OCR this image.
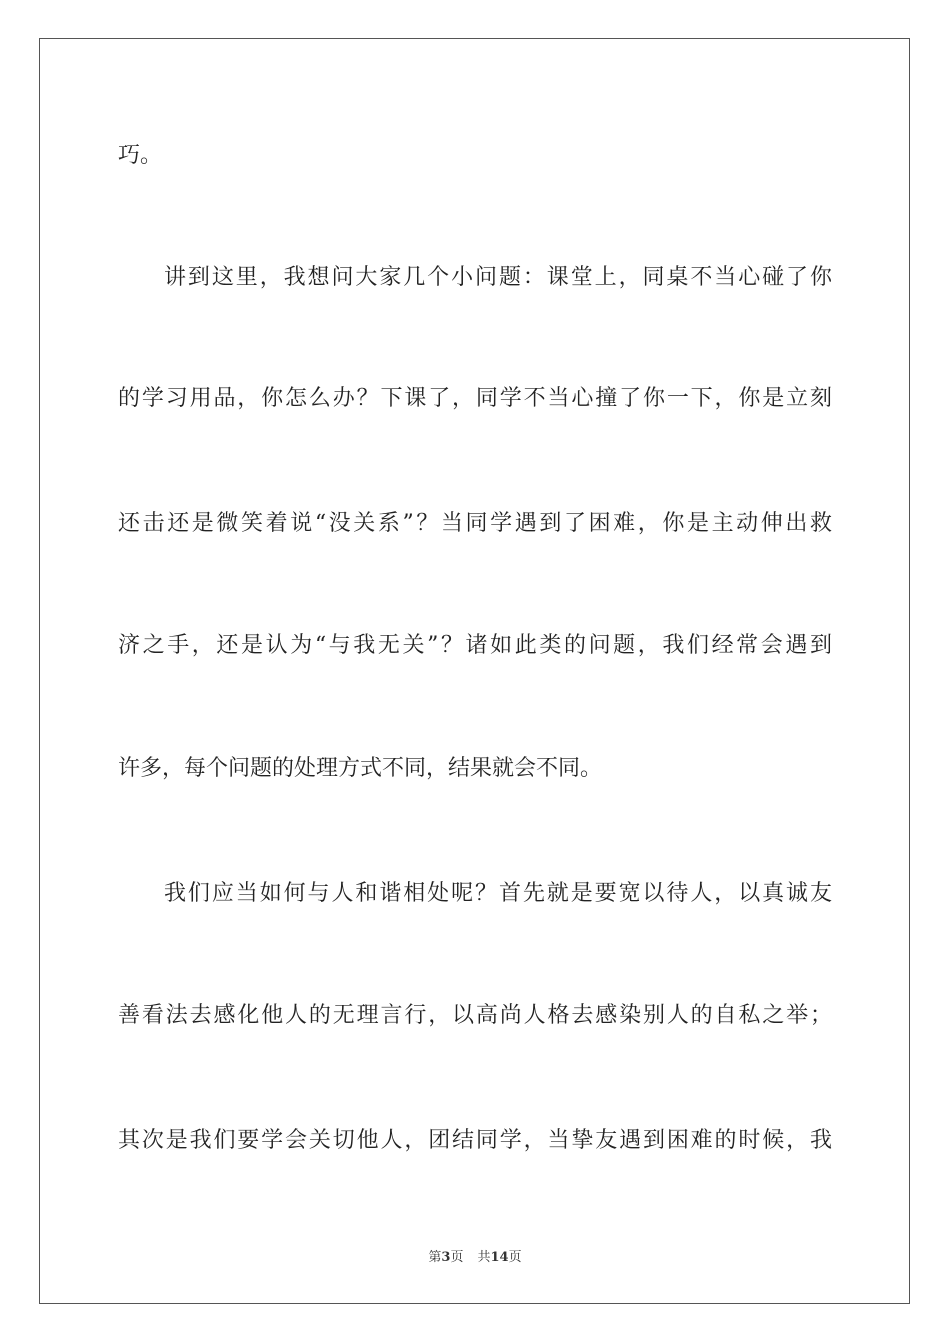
巧。
讲到这里，我想问大家几个小问题：课堂上，同桌不当心碰了你
的学习用品，你怎么办？下课了，同学不当心撞了你一下，你是立刻
还击还是微笑着说“没关系”？当同学遇到了困难，你是主动伸出救
济之手，还是认为“与我无关”？诸如此类的问题，我们经常会遇到
许多，每个问题的处理方式不同，结果就会不同。
我们应当如何与人和谐相处呢？首先就是要宽以待人，以真诚友
善看法去感化他人的无理言行，以高尚人格去感染别人的自私之举；
其次是我们要学会关切他人，团结同学，当挚友遇到困难的时候，我
第3页 共14页
